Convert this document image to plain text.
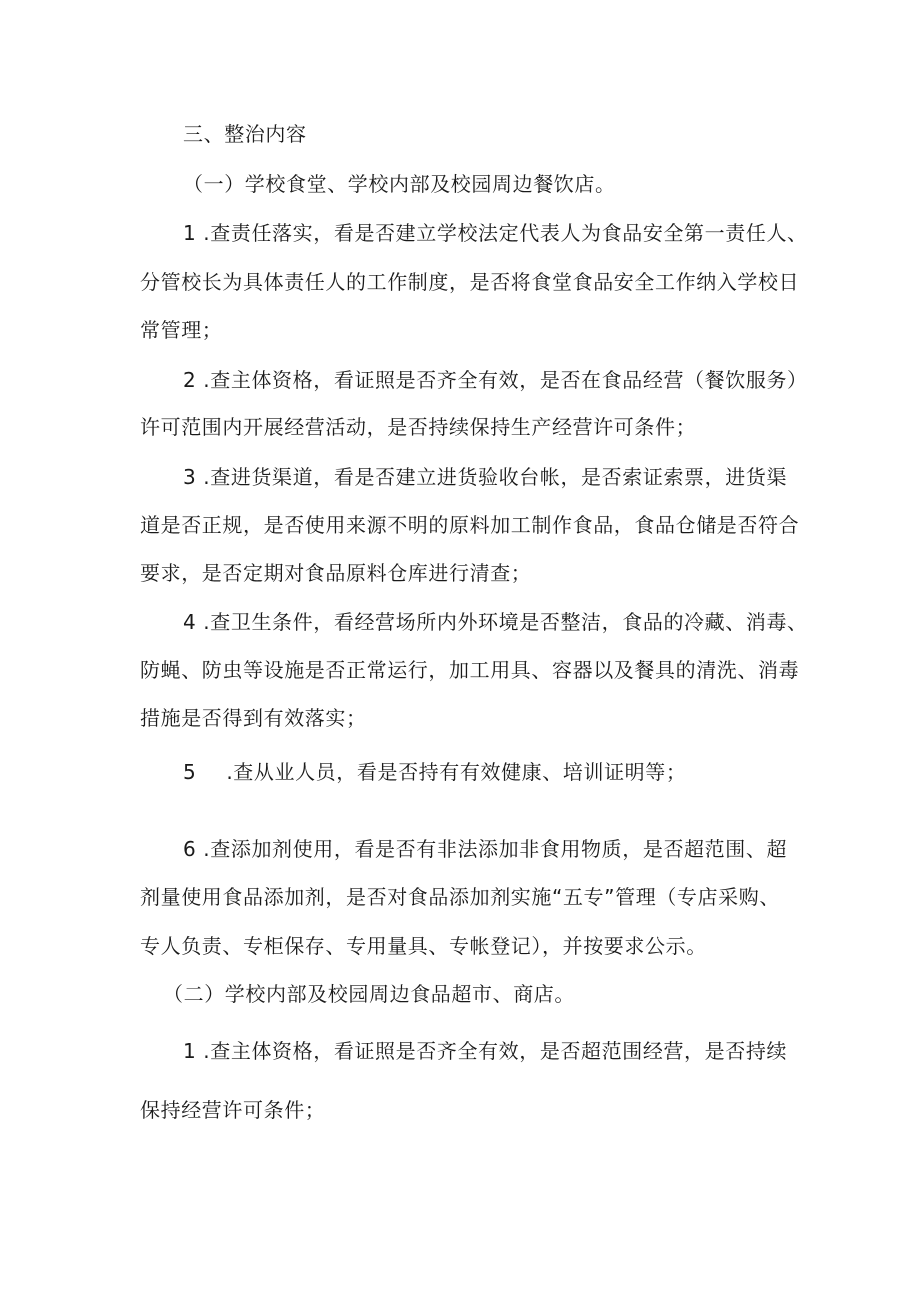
三、整治内容
（一）学校食堂、学校内部及校园周边餐饮店。
1 .查责任落实，看是否建立学校法定代表人为食品安全第一责任人、
分管校长为具体责任人的工作制度，是否将食堂食品安全工作纳入学校日
常管理；
2 .查主体资格，看证照是否齐全有效，是否在食品经营（餐饮服务）
许可范围内开展经营活动，是否持续保持生产经营许可条件；
3 .查进货渠道，看是否建立进货验收台帐，是否索证索票，进货渠
道是否正规，是否使用来源不明的原料加工制作食品，食品仓储是否符合
要求，是否定期对食品原料仓库进行清查；
4 .查卫生条件，看经营场所内外环境是否整洁，食品的冷藏、消毒、
防蝇、防虫等设施是否正常运行，加工用具、容器以及餐具的清洗、消毒
措施是否得到有效落实；
5 .查从业人员，看是否持有有效健康、培训证明等；
6 .查添加剂使用，看是否有非法添加非食用物质，是否超范围、超
剂量使用食品添加剂，是否对食品添加剂实施“五专”管理（专店采购、
专人负责、专柜保存、专用量具、专帐登记），并按要求公示。
（二）学校内部及校园周边食品超市、商店。
1 .查主体资格，看证照是否齐全有效，是否超范围经营，是否持续
保持经营许可条件；
